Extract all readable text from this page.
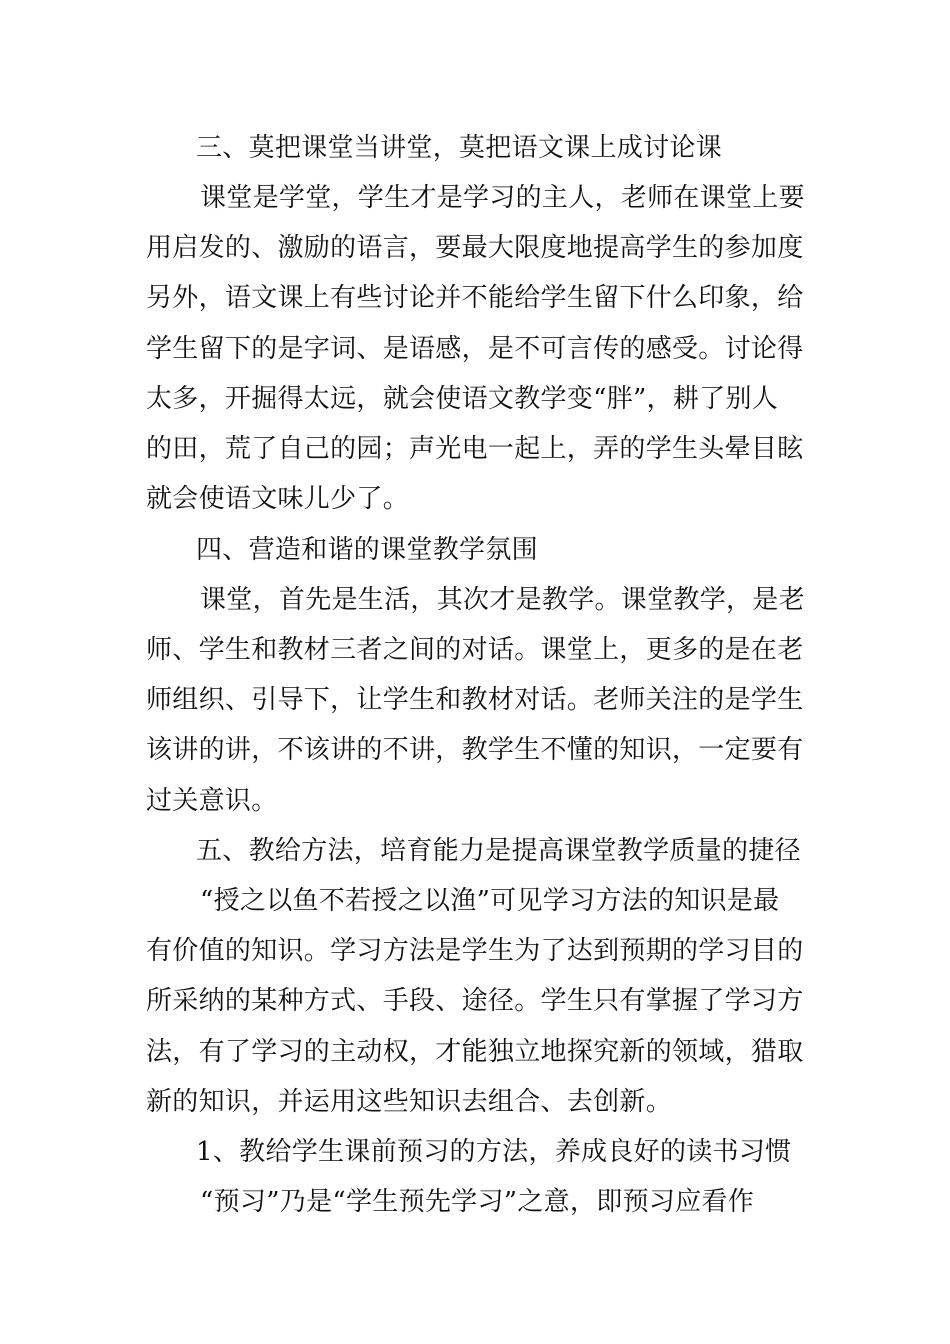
三、莫把课堂当讲堂，莫把语文课上成讨论课
课堂是学堂，学生才是学习的主人，老师在课堂上要
用启发的、激励的语言，要最大限度地提高学生的参加度
另外，语文课上有些讨论并不能给学生留下什么印象，给
学生留下的是字词、是语感，是不可言传的感受。讨论得
太多，开掘得太远，就会使语文教学变“胖”，耕了别人
的田，荒了自己的园；声光电一起上，弄的学生头晕目眩
就会使语文味儿少了。
四、营造和谐的课堂教学氛围
课堂，首先是生活，其次才是教学。课堂教学，是老
师、学生和教材三者之间的对话。课堂上，更多的是在老
师组织、引导下，让学生和教材对话。老师关注的是学生
该讲的讲，不该讲的不讲，教学生不懂的知识，一定要有
过关意识。
五、教给方法，培育能力是提高课堂教学质量的捷径
“授之以鱼不若授之以渔”可见学习方法的知识是最
有价值的知识。学习方法是学生为了达到预期的学习目的
所采纳的某种方式、手段、途径。学生只有掌握了学习方
法，有了学习的主动权，才能独立地探究新的领域，猎取
新的知识，并运用这些知识去组合、去创新。
1、教给学生课前预习的方法，养成良好的读书习惯
“预习”乃是“学生预先学习”之意，即预习应看作
